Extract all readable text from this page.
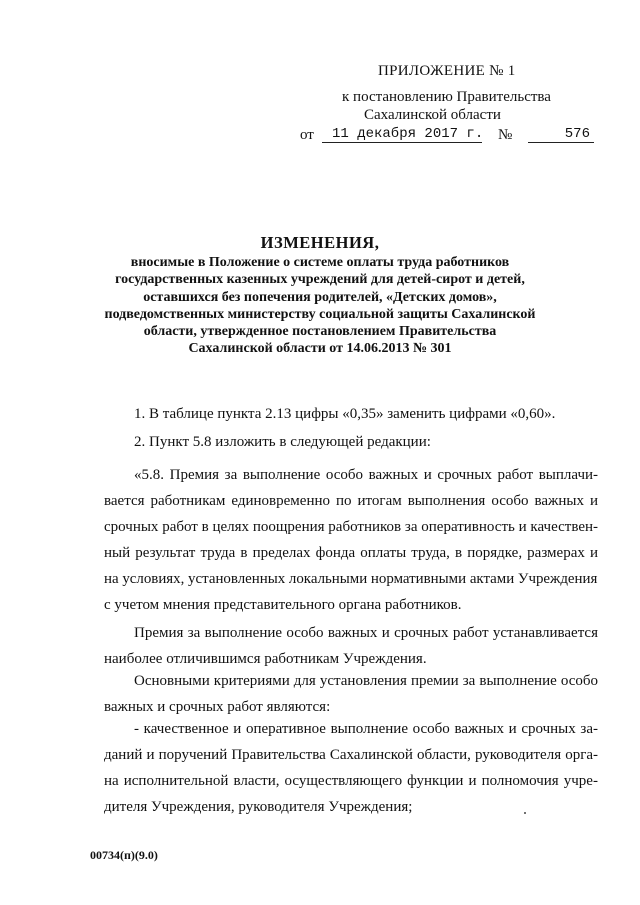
ПРИЛОЖЕНИЕ № 1
к постановлению Правительства
Сахалинской области
от	11 декабря 2017 г. №	576
ИЗМЕНЕНИЯ,
вносимые в Положение о системе оплаты труда работников
государственных казенных учреждений для детей-сирот и детей,
оставшихся без попечения родителей, «Детских домов»,
подведомственных министерству социальной защиты Сахалинской
области, утвержденное постановлением Правительства
Сахалинской области от 14.06.2013 № 301
1. В таблице пункта 2.13 цифры «0,35» заменить цифрами «0,60».
2. Пункт 5.8 изложить в следующей редакции:
«5.8. Премия за выполнение особо важных и срочных работ выплачи-
вается работникам единовременно по итогам выполнения особо важных и
срочных работ в целях поощрения работников за оперативность и качествен-
ный результат труда в пределах фонда оплаты труда, в порядке, размерах и
на условиях, установленных локальными нормативными актами Учреждения
с учетом мнения представительного органа работников.
Премия за выполнение особо важных и срочных работ устанавливается
наиболее отличившимся работникам Учреждения.
Основными критериями для установления премии за выполнение особо
важных и срочных работ являются:
- качественное и оперативное выполнение особо важных и срочных за-
даний и поручений Правительства Сахалинской области, руководителя орга-
на исполнительной власти, осуществляющего функции и полномочия учре-
дителя Учреждения, руководителя Учреждения;
00734(п)(9.0)
